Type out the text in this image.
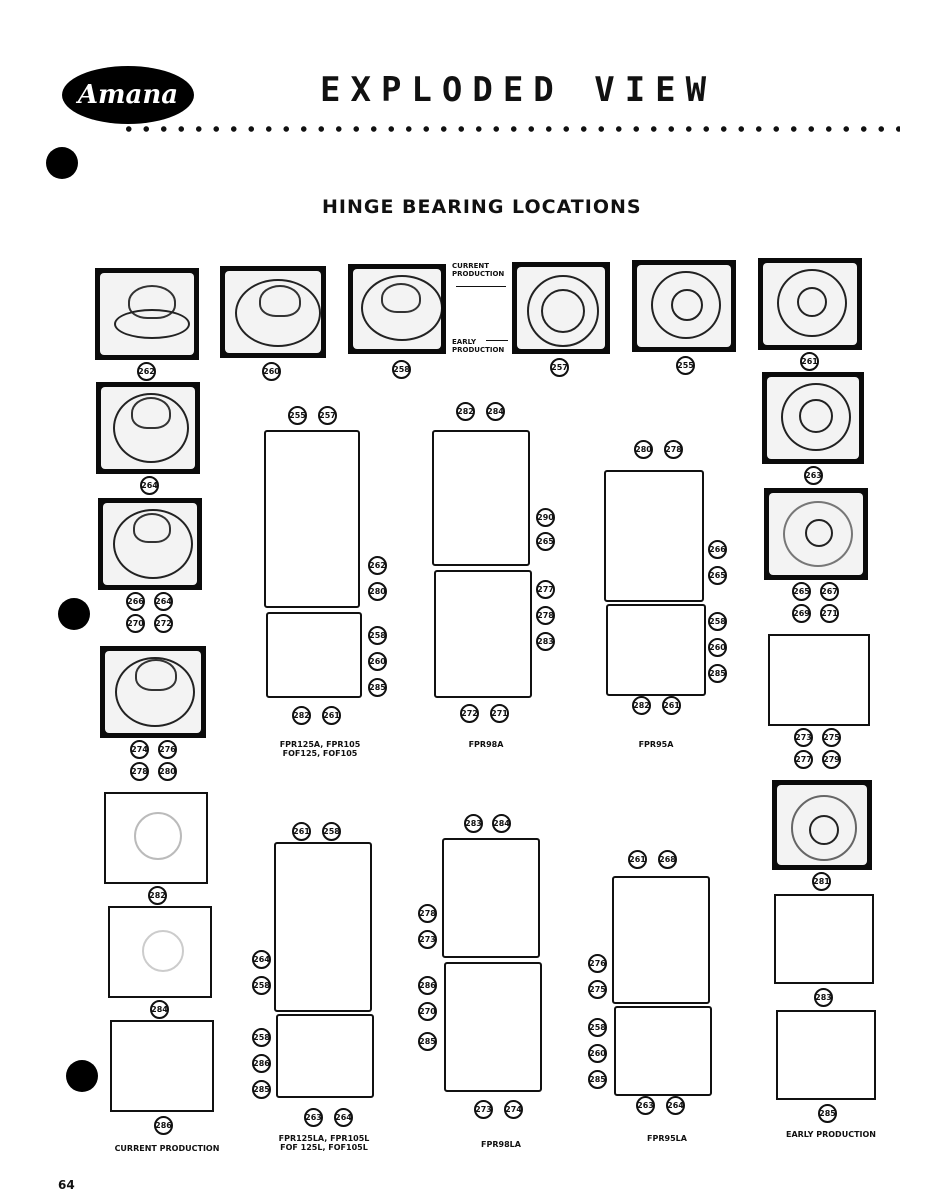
Amana	EXPLODED VIEW
HINGE BEARING LOCATIONS
CURRENT
PRODUCTION
EARLY
PRODUCTION
262	260	258	257	255	261
264
266 264
270 272
274 276
278 280
282
284
286
263
265 267
269 271
273 275
277 279
281
283
285
255 257
262
280
258
260
285
282 261
282 284
290
265
277
278
283
272 271
280 278
266
265
258
260
285
282 261
261 258
264
258
258
286
285
263 264
283 284
278
273
286
270
285
273 274
261 268
276
275
258
260
285
263 264
FPR125A, FPR105
FOF125, FOF105
FPR98A	FPR95A
FPR125LA, FPR105L
FOF 125L, FOF105L	FPR98LA
FPR95LA
CURRENT PRODUCTION
EARLY PRODUCTION
64
